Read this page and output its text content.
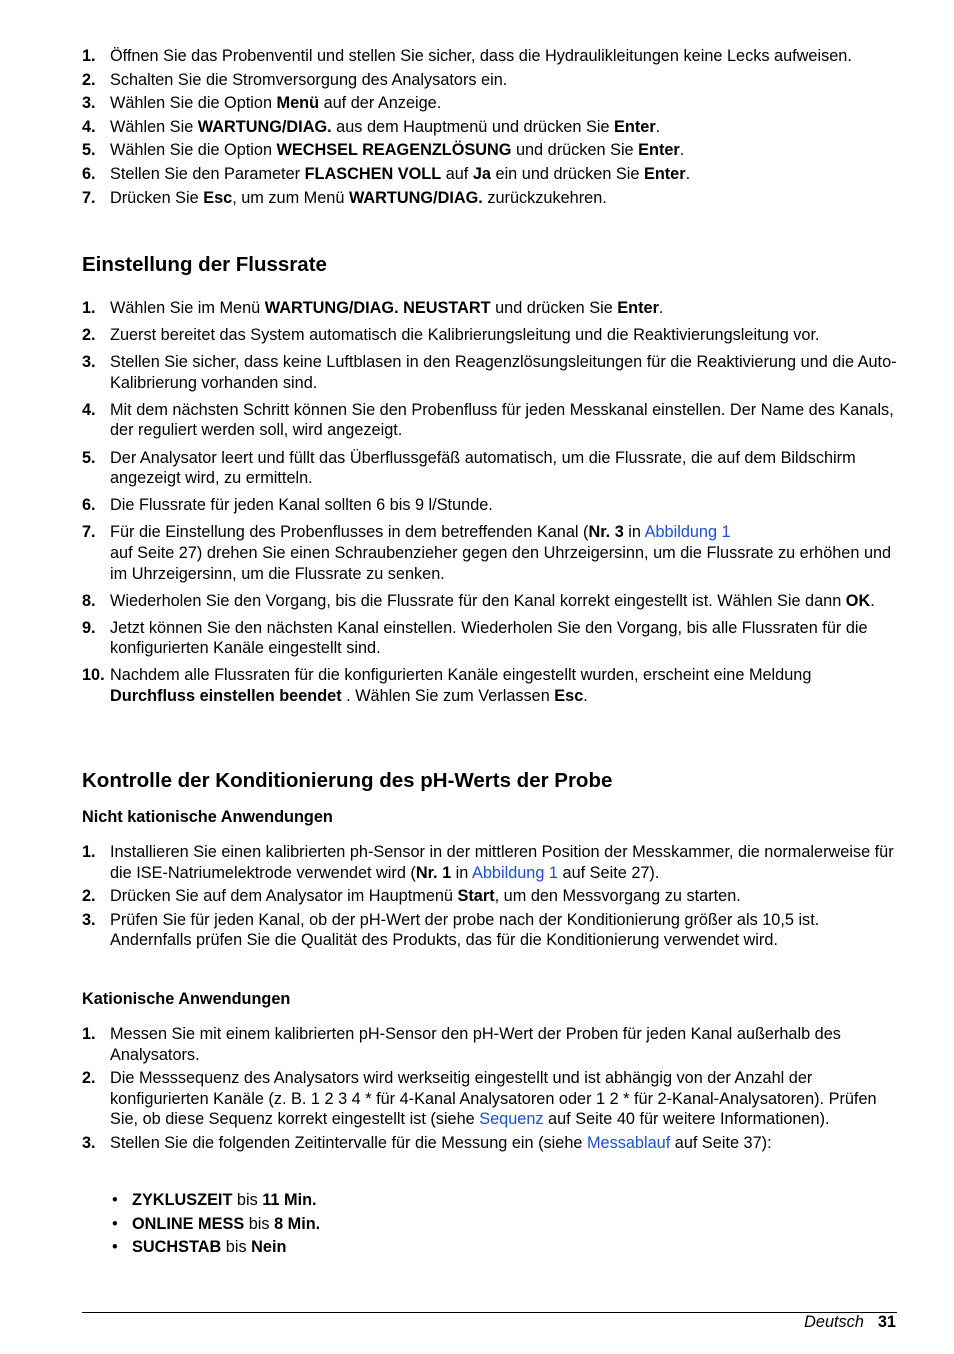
1. Öffnen Sie das Probenventil und stellen Sie sicher, dass die Hydraulikleitungen keine Lecks aufweisen.
2. Schalten Sie die Stromversorgung des Analysators ein.
3. Wählen Sie die Option Menü auf der Anzeige.
4. Wählen Sie WARTUNG/DIAG. aus dem Hauptmenü und drücken Sie Enter.
5. Wählen Sie die Option WECHSEL REAGENZLÖSUNG und drücken Sie Enter.
6. Stellen Sie den Parameter FLASCHEN VOLL auf Ja ein und drücken Sie Enter.
7. Drücken Sie Esc, um zum Menü WARTUNG/DIAG. zurückzukehren.
Einstellung der Flussrate
1. Wählen Sie im Menü WARTUNG/DIAG. NEUSTART und drücken Sie Enter.
2. Zuerst bereitet das System automatisch die Kalibrierungsleitung und die Reaktivierungsleitung vor.
3. Stellen Sie sicher, dass keine Luftblasen in den Reagenzlösungsleitungen für die Reaktivierung und die Auto-Kalibrierung vorhanden sind.
4. Mit dem nächsten Schritt können Sie den Probenfluss für jeden Messkanal einstellen. Der Name des Kanals, der reguliert werden soll, wird angezeigt.
5. Der Analysator leert und füllt das Überflussgefäß automatisch, um die Flussrate, die auf dem Bildschirm angezeigt wird, zu ermitteln.
6. Die Flussrate für jeden Kanal sollten 6 bis 9 l/Stunde.
7. Für die Einstellung des Probenflusses in dem betreffenden Kanal (Nr. 3 in Abbildung 1
auf Seite 27) drehen Sie einen Schraubenzieher gegen den Uhrzeigersinn, um die Flussrate zu erhöhen und im Uhrzeigersinn, um die Flussrate zu senken.
8. Wiederholen Sie den Vorgang, bis die Flussrate für den Kanal korrekt eingestellt ist. Wählen Sie dann OK.
9. Jetzt können Sie den nächsten Kanal einstellen. Wiederholen Sie den Vorgang, bis alle Flussraten für die konfigurierten Kanäle eingestellt sind.
10. Nachdem alle Flussraten für die konfigurierten Kanäle eingestellt wurden, erscheint eine Meldung Durchfluss einstellen beendet . Wählen Sie zum Verlassen Esc.
Kontrolle der Konditionierung des pH-Werts der Probe
Nicht kationische Anwendungen
1. Installieren Sie einen kalibrierten ph-Sensor in der mittleren Position der Messkammer, die normalerweise für die ISE-Natriumelektrode verwendet wird (Nr. 1 in Abbildung 1 auf Seite 27).
2. Drücken Sie auf dem Analysator im Hauptmenü Start, um den Messvorgang zu starten.
3. Prüfen Sie für jeden Kanal, ob der pH-Wert der probe nach der Konditionierung größer als 10,5 ist. Andernfalls prüfen Sie die Qualität des Produkts, das für die Konditionierung verwendet wird.
Kationische Anwendungen
1. Messen Sie mit einem kalibrierten pH-Sensor den pH-Wert der Proben für jeden Kanal außerhalb des Analysators.
2. Die Messsequenz des Analysators wird werkseitig eingestellt und ist abhängig von der Anzahl der konfigurierten Kanäle (z. B. 1 2 3 4 * für 4-Kanal Analysatoren oder 1 2 * für 2-Kanal-Analysatoren). Prüfen Sie, ob diese Sequenz korrekt eingestellt ist (siehe Sequenz auf Seite 40 für weitere Informationen).
3. Stellen Sie die folgenden Zeitintervalle für die Messung ein (siehe Messablauf auf Seite 37):
• ZYKLUSZEIT bis 11 Min.
• ONLINE MESS bis 8 Min.
• SUCHSTAB bis Nein
Deutsch 31
